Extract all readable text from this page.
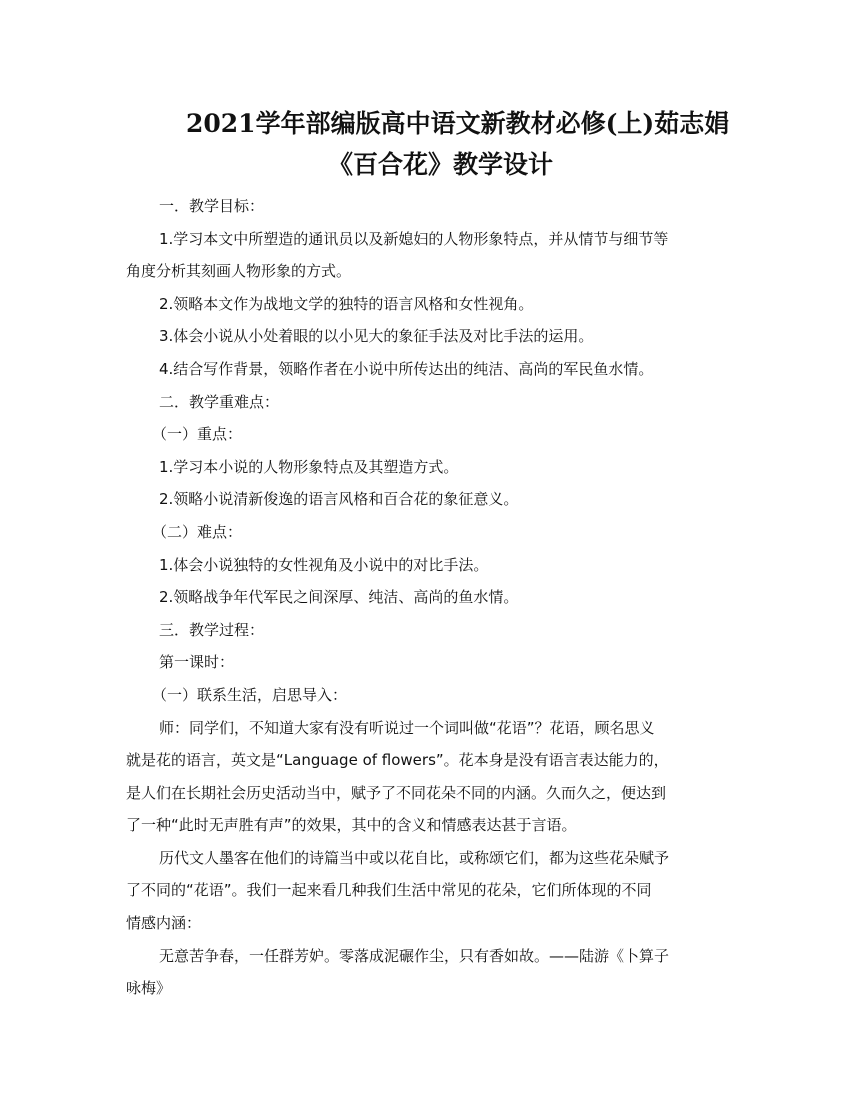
2021学年部编版高中语文新教材必修(上)茹志娟
《百合花》教学设计
一．教学目标：
1.学习本文中所塑造的通讯员以及新媳妇的人物形象特点，并从情节与细节等
角度分析其刻画人物形象的方式。
2.领略本文作为战地文学的独特的语言风格和女性视角。
3.体会小说从小处着眼的以小见大的象征手法及对比手法的运用。
4.结合写作背景，领略作者在小说中所传达出的纯洁、高尚的军民鱼水情。
二．教学重难点：
（一）重点：
1.学习本小说的人物形象特点及其塑造方式。
2.领略小说清新俊逸的语言风格和百合花的象征意义。
（二）难点：
1.体会小说独特的女性视角及小说中的对比手法。
2.领略战争年代军民之间深厚、纯洁、高尚的鱼水情。
三．教学过程：
第一课时：
（一）联系生活，启思导入：
师：同学们，不知道大家有没有听说过一个词叫做“花语”？花语，顾名思义
就是花的语言，英文是“Language of flowers”。花本身是没有语言表达能力的，
是人们在长期社会历史活动当中，赋予了不同花朵不同的内涵。久而久之，便达到
了一种“此时无声胜有声”的效果，其中的含义和情感表达甚于言语。
历代文人墨客在他们的诗篇当中或以花自比，或称颂它们，都为这些花朵赋予
了不同的“花语”。我们一起来看几种我们生活中常见的花朵，它们所体现的不同
情感内涵：
无意苦争春，一任群芳妒。零落成泥碾作尘，只有香如故。——陆游《卜算子
咏梅》
